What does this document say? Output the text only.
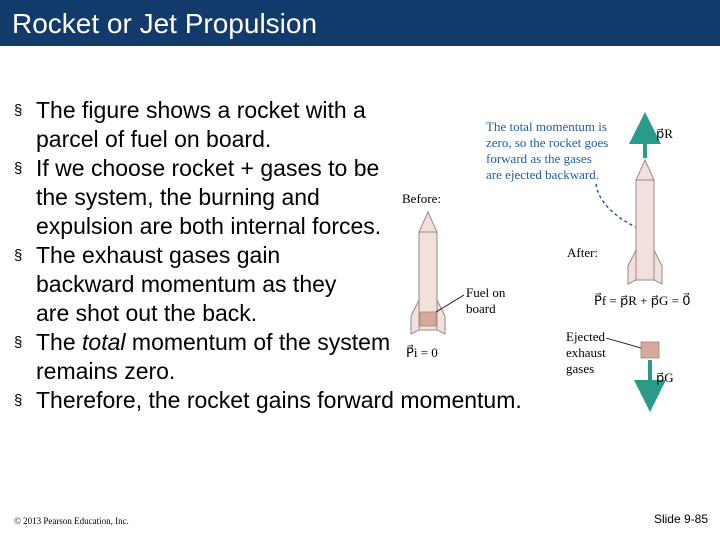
Rocket or Jet Propulsion
§ The figure shows a rocket with a parcel of fuel on board.
§ If we choose rocket + gases to be the system, the burning and expulsion are both internal forces.
§ The exhaust gases gain backward momentum as they are shot out the back.
§ The total momentum of the system remains zero.
§ Therefore, the rocket gains forward momentum.
The total momentum is
zero, so the rocket goes
forward as the gases
are ejected backward.
Before:
Fuel on
board
P⃗i = 0
After:
p⃗R
P⃗f = p⃗R + p⃗G = 0⃗
Ejected
exhaust
gases
p⃗G
© 2013 Pearson Education, Inc.	Slide 9-85
